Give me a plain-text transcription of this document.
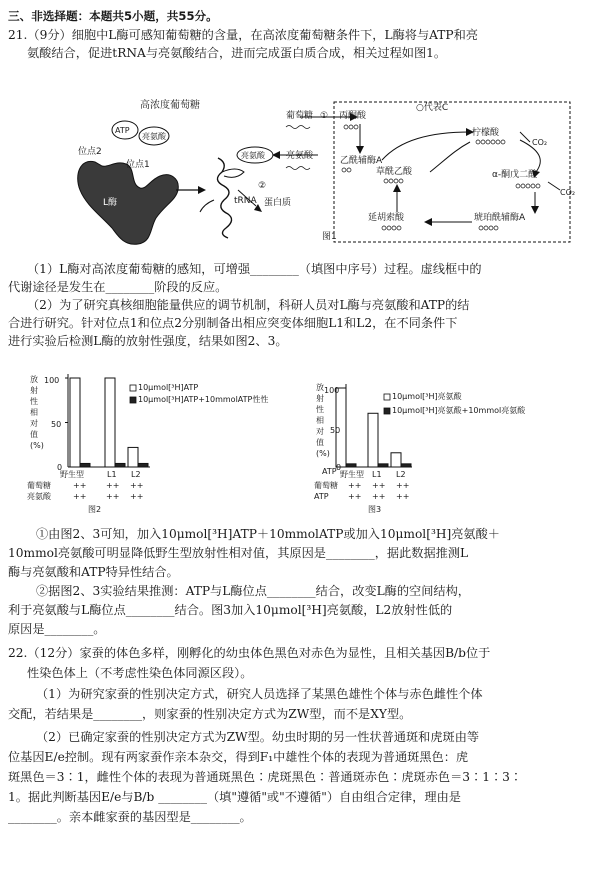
三、非选择题：本题共5小题，共55分。
21.（9分）细胞中L酶可感知葡萄糖的含量，在高浓度葡萄糖条件下，L酶将与ATP和亮
氨酸结合，促进tRNA与亮氨酸结合，进而完成蛋白质合成，相关过程如图1。
高浓度葡萄糖
ATP
亮氨酸
位点2
位点1
L酶
亮氨酸
tRNA
②
蛋白质
葡萄糖 ① 丙酮酸
○代表C
亮氨酸	乙酰辅酶A
柠檬酸
CO₂
草酰乙酸	α-酮戊二酸
CO₂
延胡索酸	琥珀酰辅酶A
图1
（1）L酶对高浓度葡萄糖的感知，可增强________（填图中序号）过程。虚线框中的
代谢途径是发生在________阶段的反应。
（2）为了研究真核细胞能量供应的调节机制，科研人员对L酶与亮氨酸和ATP的结
合进行研究。针对位点1和位点2分别制备出相应突变体细胞L1和L2，在不同条件下
进行实验后检测L酶的放射性强度，结果如图2、3。
放射性相对值(%)
100
50
0
野生型	L1 L2
葡萄糖
亮氨酸
++ ++ ++
++ ++ ++
图2
10μmol[³H]ATP
10μmol[³H]ATP+10mmolATP性性
放射性相对值(%)
ATP
100
50
0
野生型 L1 L2
葡萄糖
ATP
++ ++ ++
++ ++ ++
图3
10μmol[³H]亮氨酸
10μmol[³H]亮氨酸+10mmol亮氨酸
①由图2、3可知，加入10μmol[³H]ATP＋10mmolATP或加入10μmol[³H]亮氨酸＋
10mmol亮氨酸可明显降低野生型放射性相对值，其原因是________，据此数据推测L
酶与亮氨酸和ATP特异性结合。
②据图2、3实验结果推测：ATP与L酶位点________结合，改变L酶的空间结构，
利于亮氨酸与L酶位点________结合。图3加入10μmol[³H]亮氨酸，L2放射性低的
原因是________。
22.（12分）家蚕的体色多样，刚孵化的幼虫体色黑色对赤色为显性，且相关基因B/b位于
性染色体上（不考虑性染色体同源区段）。
（1）为研究家蚕的性别决定方式，研究人员选择了某黑色雄性个体与赤色雌性个体
交配，若结果是________，则家蚕的性别决定方式为ZW型，而不是XY型。
（2）已确定家蚕的性别决定方式为ZW型。幼虫时期的另一性状普通斑和虎斑由等
位基因E/e控制。现有两家蚕作亲本杂交，得到F₁中雄性个体的表现为普通斑黑色：虎
斑黑色＝3∶1，雌性个体的表现为普通斑黑色∶虎斑黑色∶普通斑赤色∶虎斑赤色＝3∶1∶3∶
1。据此判断基因E/e与B/b ________（填"遵循"或"不遵循"）自由组合定律，理由是
________。亲本雌家蚕的基因型是________。
